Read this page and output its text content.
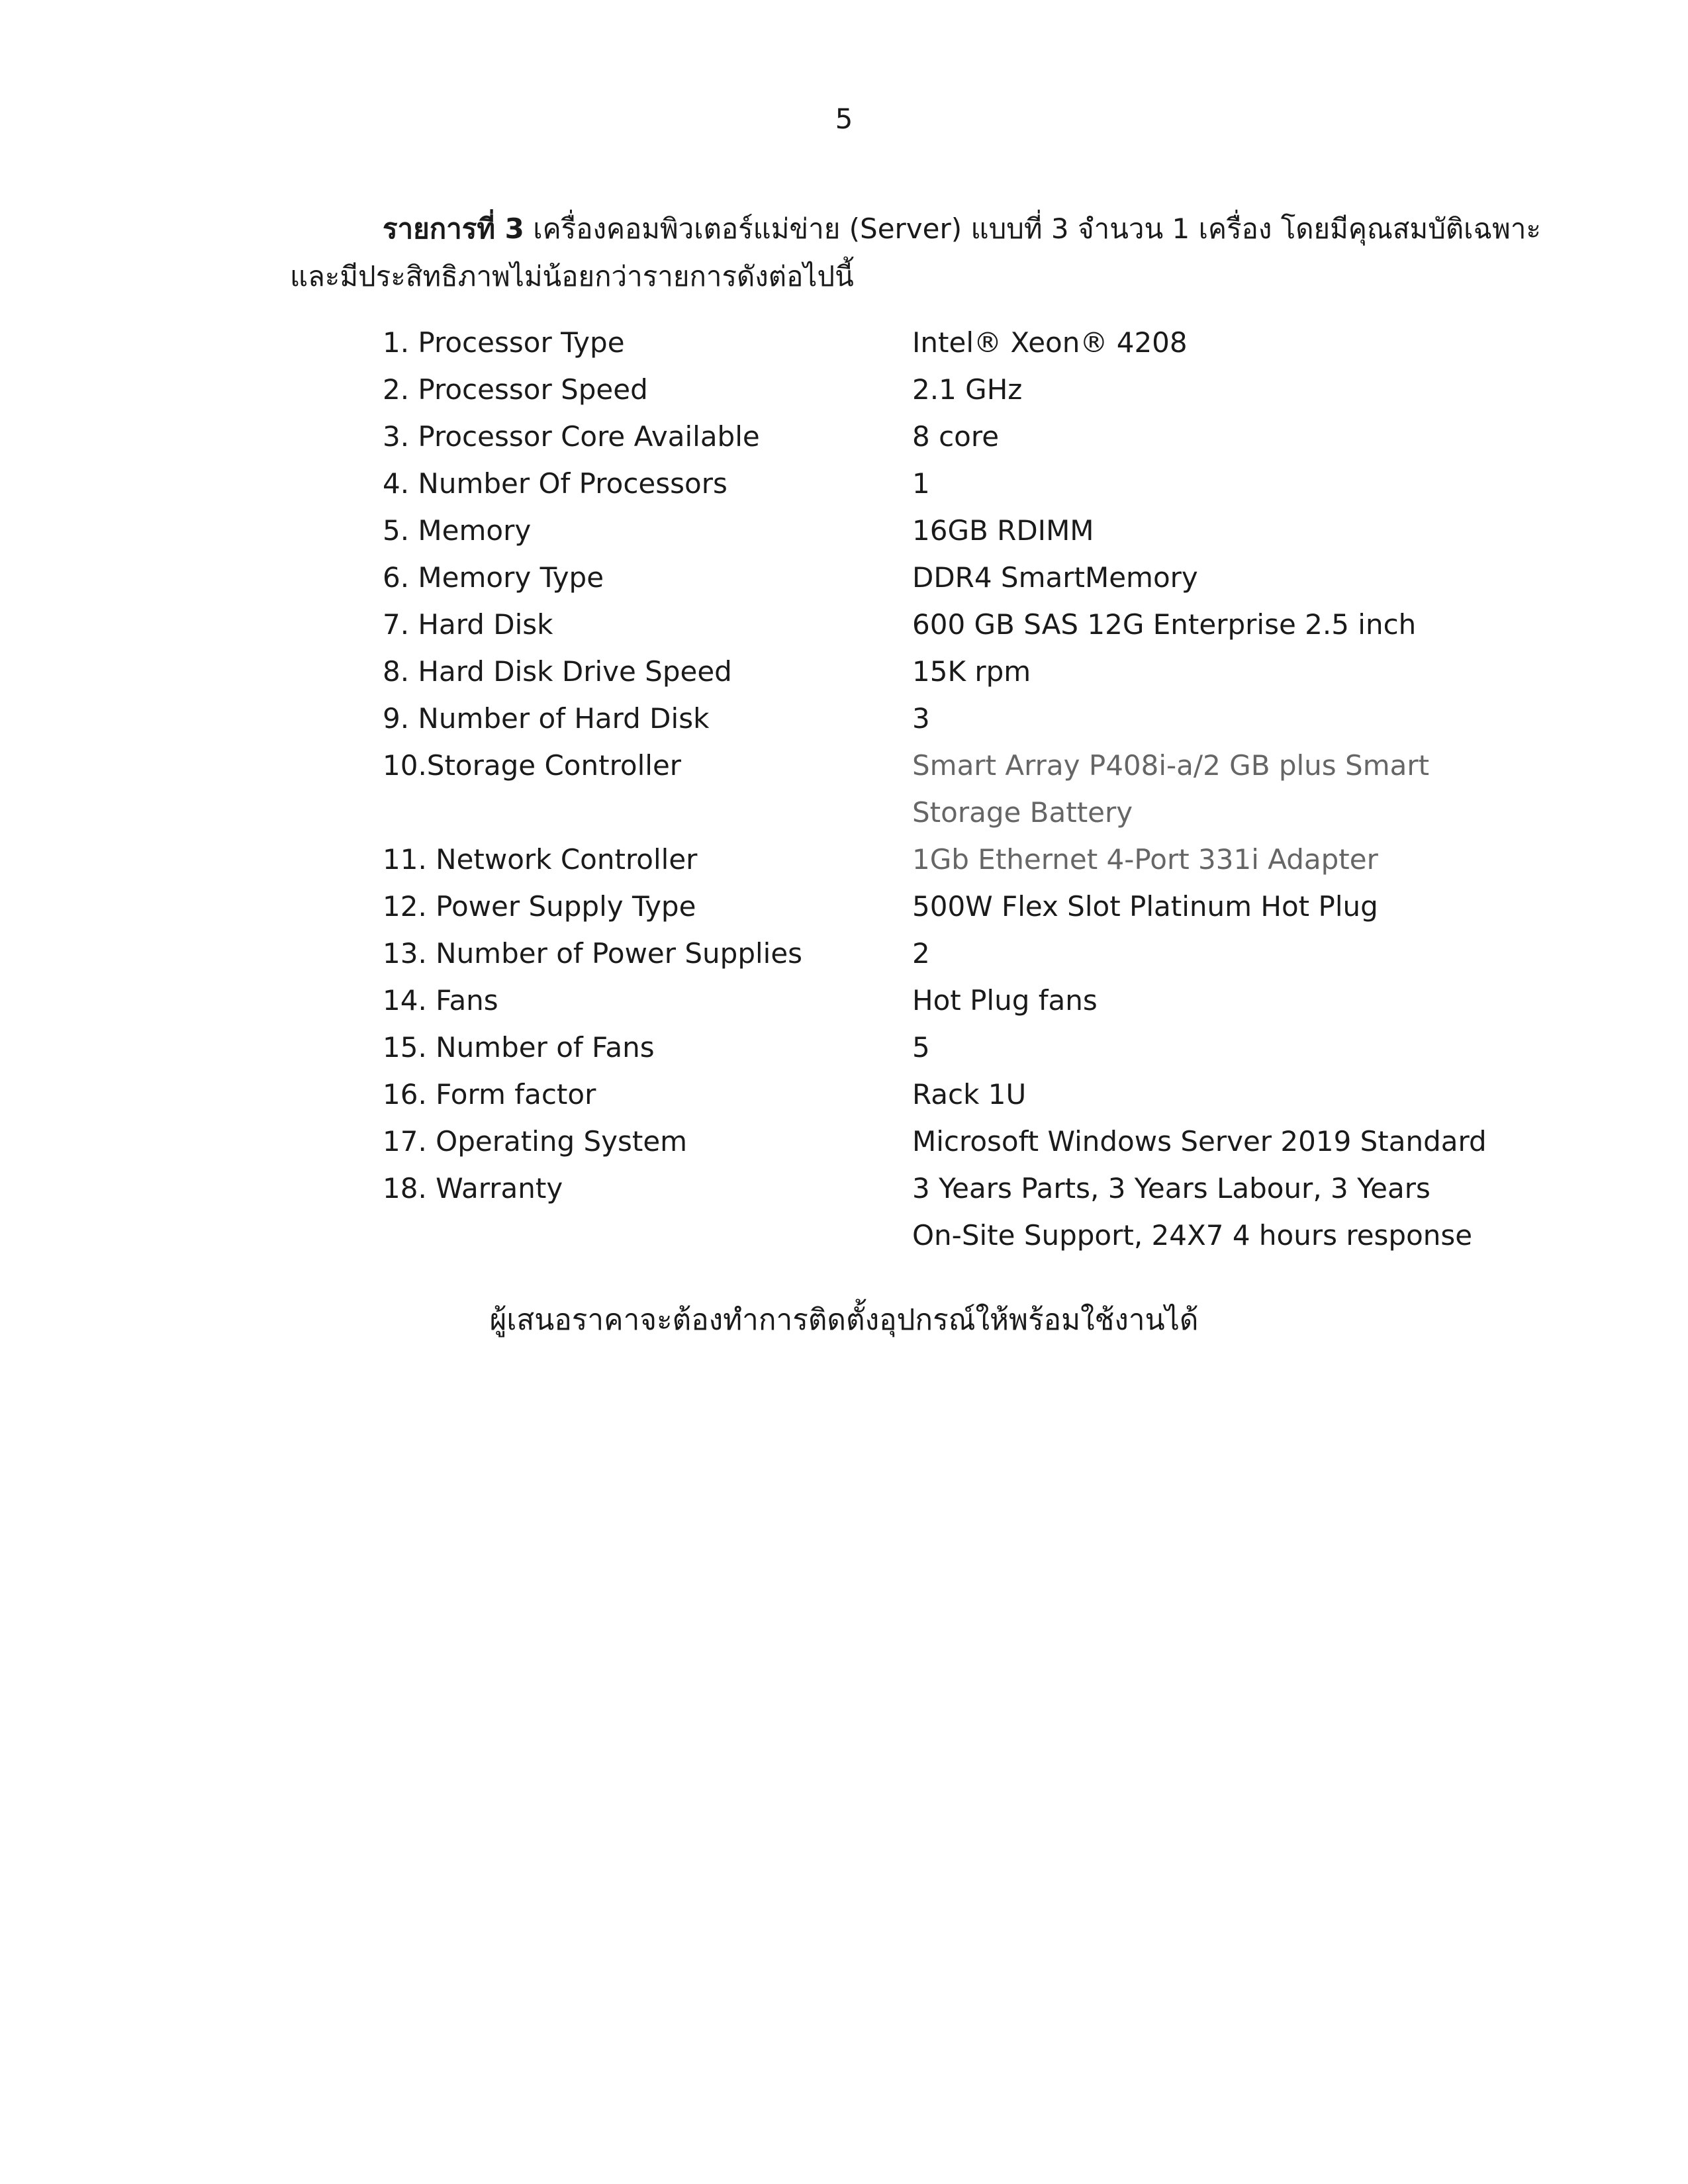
5

รายการที่ 3 เครื่องคอมพิวเตอร์แม่ข่าย (Server) แบบที่ 3 จำนวน 1 เครื่อง โดยมีคุณสมบัติเฉพาะ

และมีประสิทธิภาพไม่น้อยกว่ารายการดังต่อไปนี้

1. Processor Type	Intel® Xeon® 4208
2. Processor Speed	2.1 GHz
3. Processor Core Available	8 core
4. Number Of Processors	1
5. Memory	16GB RDIMM
6. Memory Type	DDR4 SmartMemory
7. Hard Disk	600 GB SAS 12G Enterprise 2.5 inch
8. Hard Disk Drive Speed	15K rpm
9. Number of Hard Disk	3
10.Storage Controller	Smart Array P408i-a/2 GB plus Smart
Storage Battery
11. Network Controller	1Gb Ethernet 4-Port 331i Adapter
12. Power Supply Type	500W Flex Slot Platinum Hot Plug
13. Number of Power Supplies	2
14. Fans	Hot Plug fans
15. Number of Fans	5
16. Form factor	Rack 1U
17. Operating System	Microsoft Windows Server 2019 Standard
18. Warranty	3 Years Parts, 3 Years Labour, 3 Years
On-Site Support, 24X7 4 hours response
ผู้เสนอราคาจะต้องทำการติดตั้งอุปกรณ์ให้พร้อมใช้งานได้
